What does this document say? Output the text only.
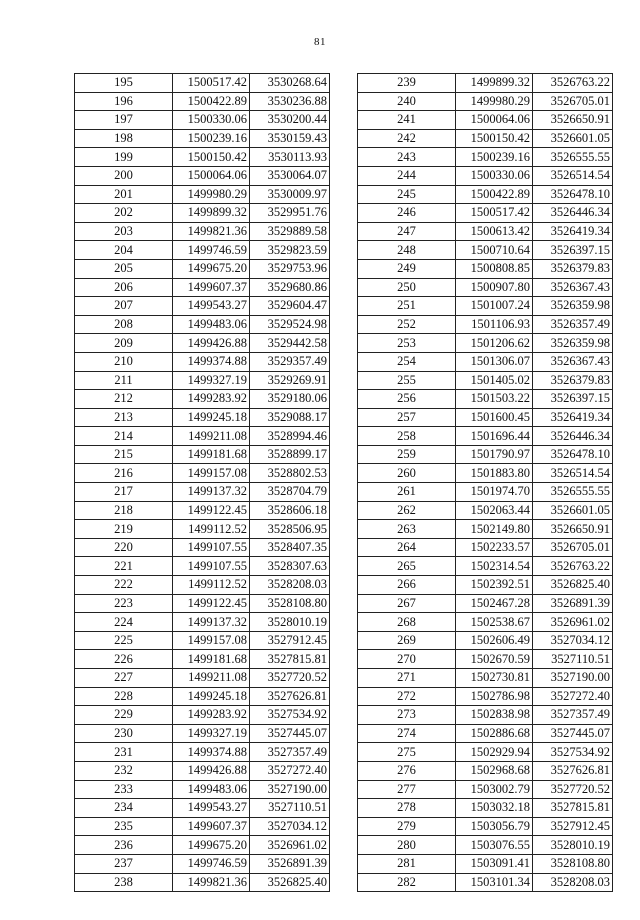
81
195	1500517.42	3530268.64
196	1500422.89	3530236.88
197	1500330.06	3530200.44
198	1500239.16	3530159.43
199	1500150.42	3530113.93
200	1500064.06	3530064.07
201	1499980.29	3530009.97
202	1499899.32	3529951.76
203	1499821.36	3529889.58
204	1499746.59	3529823.59
205	1499675.20	3529753.96
206	1499607.37	3529680.86
207	1499543.27	3529604.47
208	1499483.06	3529524.98
209	1499426.88	3529442.58
210	1499374.88	3529357.49
211	1499327.19	3529269.91
212	1499283.92	3529180.06
213	1499245.18	3529088.17
214	1499211.08	3528994.46
215	1499181.68	3528899.17
216	1499157.08	3528802.53
217	1499137.32	3528704.79
218	1499122.45	3528606.18
219	1499112.52	3528506.95
220	1499107.55	3528407.35
221	1499107.55	3528307.63
222	1499112.52	3528208.03
223	1499122.45	3528108.80
224	1499137.32	3528010.19
225	1499157.08	3527912.45
226	1499181.68	3527815.81
227	1499211.08	3527720.52
228	1499245.18	3527626.81
229	1499283.92	3527534.92
230	1499327.19	3527445.07
231	1499374.88	3527357.49
232	1499426.88	3527272.40
233	1499483.06	3527190.00
234	1499543.27	3527110.51
235	1499607.37	3527034.12
236	1499675.20	3526961.02
237	1499746.59	3526891.39
238	1499821.36	3526825.40
239	1499899.32	3526763.22
240	1499980.29	3526705.01
241	1500064.06	3526650.91
242	1500150.42	3526601.05
243	1500239.16	3526555.55
244	1500330.06	3526514.54
245	1500422.89	3526478.10
246	1500517.42	3526446.34
247	1500613.42	3526419.34
248	1500710.64	3526397.15
249	1500808.85	3526379.83
250	1500907.80	3526367.43
251	1501007.24	3526359.98
252	1501106.93	3526357.49
253	1501206.62	3526359.98
254	1501306.07	3526367.43
255	1501405.02	3526379.83
256	1501503.22	3526397.15
257	1501600.45	3526419.34
258	1501696.44	3526446.34
259	1501790.97	3526478.10
260	1501883.80	3526514.54
261	1501974.70	3526555.55
262	1502063.44	3526601.05
263	1502149.80	3526650.91
264	1502233.57	3526705.01
265	1502314.54	3526763.22
266	1502392.51	3526825.40
267	1502467.28	3526891.39
268	1502538.67	3526961.02
269	1502606.49	3527034.12
270	1502670.59	3527110.51
271	1502730.81	3527190.00
272	1502786.98	3527272.40
273	1502838.98	3527357.49
274	1502886.68	3527445.07
275	1502929.94	3527534.92
276	1502968.68	3527626.81
277	1503002.79	3527720.52
278	1503032.18	3527815.81
279	1503056.79	3527912.45
280	1503076.55	3528010.19
281	1503091.41	3528108.80
282	1503101.34	3528208.03
